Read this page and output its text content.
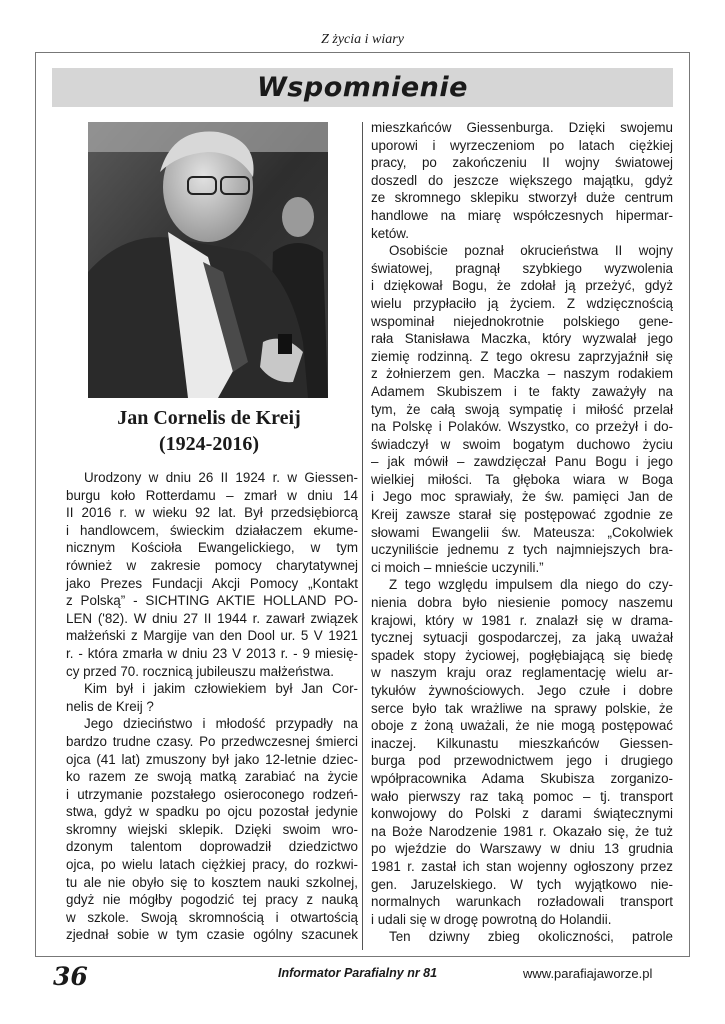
Z życia i wiary
Wspomnienie
Jan Cornelis de Kreij
(1924-2016)
Urodzony w dniu 26 II 1924 r. w Giessen-
burgu koło Rotterdamu – zmarł w dniu 14
II 2016 r. w wieku 92 lat. Był przedsiębiorcą
i handlowcem, świeckim działaczem ekume-
nicznym Kościoła Ewangelickiego, w tym
również w zakresie pomocy charytatywnej
jako Prezes Fundacji Akcji Pomocy „Kontakt
z Polską” - SICHTING AKTIE HOLLAND PO-
LEN ('82). W dniu 27 II 1944 r. zawarł związek
małżeński z Margije van den Dool ur. 5 V 1921
r. - która zmarła w dniu 23 V 2013 r. - 9 miesię-
cy przed 70. rocznicą jubileuszu małżeństwa.
Kim był i jakim człowiekiem był Jan Cor-
nelis de Kreij ?
Jego dzieciństwo i młodość przypadły na
bardzo trudne czasy. Po przedwczesnej śmierci
ojca (41 lat) zmuszony był jako 12-letnie dziec-
ko razem ze swoją matką zarabiać na życie
i utrzymanie pozstałego osieroconego rodzeń-
stwa, gdyż w spadku po ojcu pozostał jedynie
skromny wiejski sklepik. Dzięki swoim wro-
dzonym talentom doprowadził dziedzictwo
ojca, po wielu latach ciężkiej pracy, do rozkwi-
tu ale nie obyło się to kosztem nauki szkolnej,
gdyż nie mógłby pogodzić tej pracy z nauką
w szkole. Swoją skromnością i otwartością
zjednał sobie w tym czasie ogólny szacunek
mieszkańców Giessenburga. Dzięki swojemu
uporowi i wyrzeczeniom po latach ciężkiej
pracy, po zakończeniu II wojny światowej
doszedl do jeszcze większego majątku, gdyż
ze skromnego sklepiku stworzył duże centrum
handlowe na miarę współczesnych hipermar-
ketów.
Osobiście poznał okrucieństwa II wojny
światowej, pragnął szybkiego wyzwolenia
i dziękował Bogu, że zdołał ją przeżyć, gdyż
wielu przypłaciło ją życiem. Z wdzięcznością
wspominał niejednokrotnie polskiego gene-
rała Stanisława Maczka, który wyzwalał jego
ziemię rodzinną. Z tego okresu zaprzyjaźnił się
z żołnierzem gen. Maczka – naszym rodakiem
Adamem Skubiszem i te fakty zaważyły na
tym, że całą swoją sympatię i miłość przelał
na Polskę i Polaków. Wszystko, co przeżył i do-
świadczył w swoim bogatym duchowo życiu
– jak mówił – zawdzięczał Panu Bogu i jego
wielkiej miłości. Ta głęboka wiara w Boga
i Jego moc sprawiały, że św. pamięci Jan de
Kreij zawsze starał się postępować zgodnie ze
słowami Ewangelii św. Mateusza: „Cokolwiek
uczyniliście jednemu z tych najmniejszych bra-
ci moich – mnieście uczynili.”
Z tego względu impulsem dla niego do czy-
nienia dobra było niesienie pomocy naszemu
krajowi, który w 1981 r. znalazł się w drama-
tycznej sytuacji gospodarczej, za jaką uważał
spadek stopy życiowej, pogłębiającą się biedę
w naszym kraju oraz reglamentację wielu ar-
tykułów żywnościowych. Jego czułe i dobre
serce było tak wrażliwe na sprawy polskie, że
oboje z żoną uważali, że nie mogą postępować
inaczej. Kilkunastu mieszkańców Giessen-
burga pod przewodnictwem jego i drugiego
wpółpracownika Adama Skubisza zorganizo-
wało pierwszy raz taką pomoc – tj. transport
konwojowy do Polski z darami świątecznymi
na Boże Narodzenie 1981 r. Okazało się, że tuż
po wjeździe do Warszawy w dniu 13 grudnia
1981 r. zastał ich stan wojenny ogłoszony przez
gen. Jaruzelskiego. W tych wyjątkowo nie-
normalnych warunkach rozładowali transport
i udali się w drogę powrotną do Holandii.
Ten dziwny zbieg okoliczności, patrole
36	Informator Parafialny nr 81	www.parafiajaworze.pl
